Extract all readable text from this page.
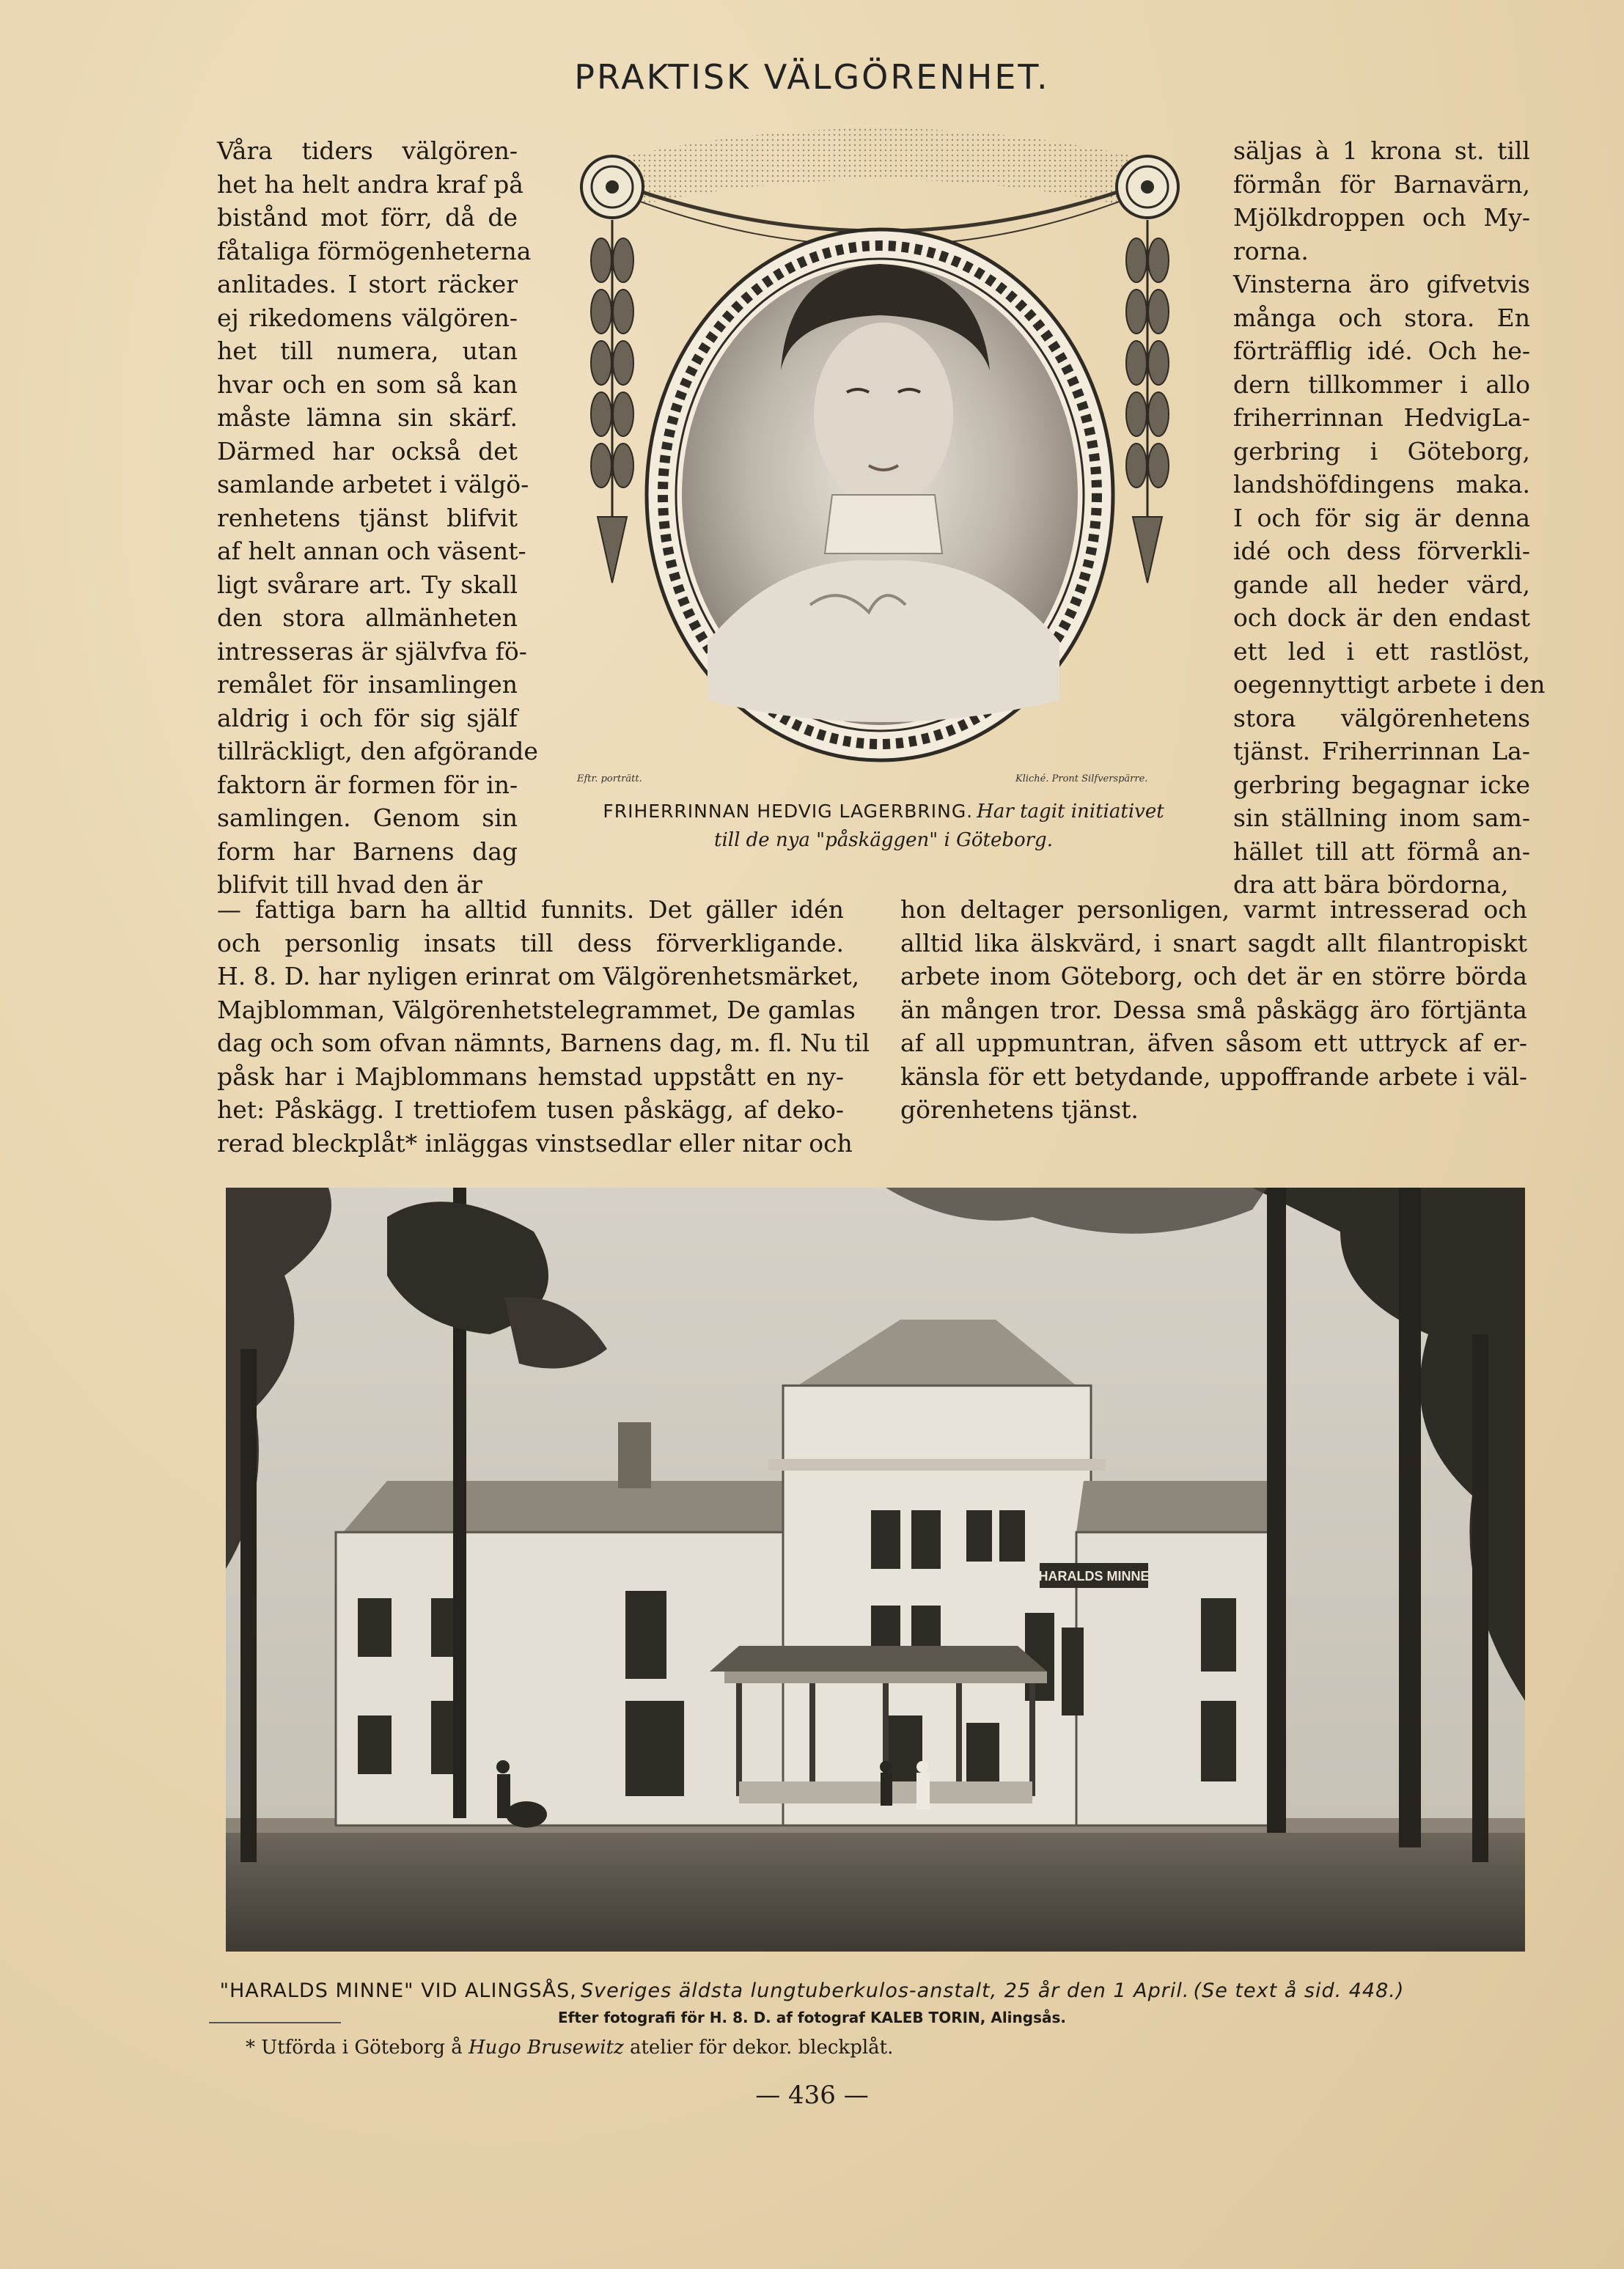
PRAKTISK VÄLGÖRENHET.
Våra tiders välgören-
het ha helt andra kraf på
bistånd mot förr, då de
fåtaliga förmögenheterna
anlitades. I stort räcker
ej rikedomens välgören-
het till numera, utan
hvar och en som så kan
måste lämna sin skärf.
Därmed har också det
samlande arbetet i välgö-
renhetens tjänst blifvit
af helt annan och väsent-
ligt svårare art. Ty skall
den stora allmänheten
intresseras är självfva fö-
remålet för insamlingen
aldrig i och för sig själf
tillräckligt, den afgörande
faktorn är formen för in-
samlingen. Genom sin
form har Barnens dag
blifvit till hvad den är
säljas à 1 krona st. till
förmån för Barnavärn,
Mjölkdroppen och My-
rorna.
Vinsterna äro gifvetvis
många och stora. En
förträfflig idé. Och he-
dern tillkommer i allo
friherrinnan HedvigLa-
gerbring i Göteborg,
landshöfdingens maka.
I och för sig är denna
idé och dess förverkli-
gande all heder värd,
och dock är den endast
ett led i ett rastlöst,
oegennyttigt arbete i den
stora välgörenhetens
tjänst. Friherrinnan La-
gerbring begagnar icke
sin ställning inom sam-
hället till att förmå an-
dra att bära bördorna,
— fattiga barn ha alltid funnits. Det gäller idén
och personlig insats till dess förverkligande.
H. 8. D. har nyligen erinrat om Välgörenhetsmärket,
Majblomman, Välgörenhetstelegrammet, De gamlas
dag och som ofvan nämnts, Barnens dag, m. fl. Nu til
påsk har i Majblommans hemstad uppstått en ny-
het: Påskägg. I trettiofem tusen påskägg, af deko-
rerad bleckplåt* inläggas vinstsedlar eller nitar och
hon deltager personligen, varmt intresserad och
alltid lika älskvärd, i snart sagdt allt filantropiskt
arbete inom Göteborg, och det är en större börda
än mången tror. Dessa små påskägg äro förtjänta
af all uppmuntran, äfven såsom ett uttryck af er-
känsla för ett betydande, uppoffrande arbete i väl-
görenhetens tjänst.
Eftr. porträtt.	Kliché. Pront Silfverspärre.
FRIHERRINNAN HEDVIG LAGERBRING. Har tagit initiativet
till de nya "påskäggen" i Göteborg.
HARALDS MINNE
"HARALDS MINNE" VID ALINGSÅS, Sveriges äldsta lungtuberkulos-anstalt, 25 år den 1 April. (Se text å sid. 448.)
Efter fotografi för H. 8. D. af fotograf KALEB TORIN, Alingsås.
* Utförda i Göteborg å Hugo Brusewitz atelier för dekor. bleckplåt.
— 436 —
